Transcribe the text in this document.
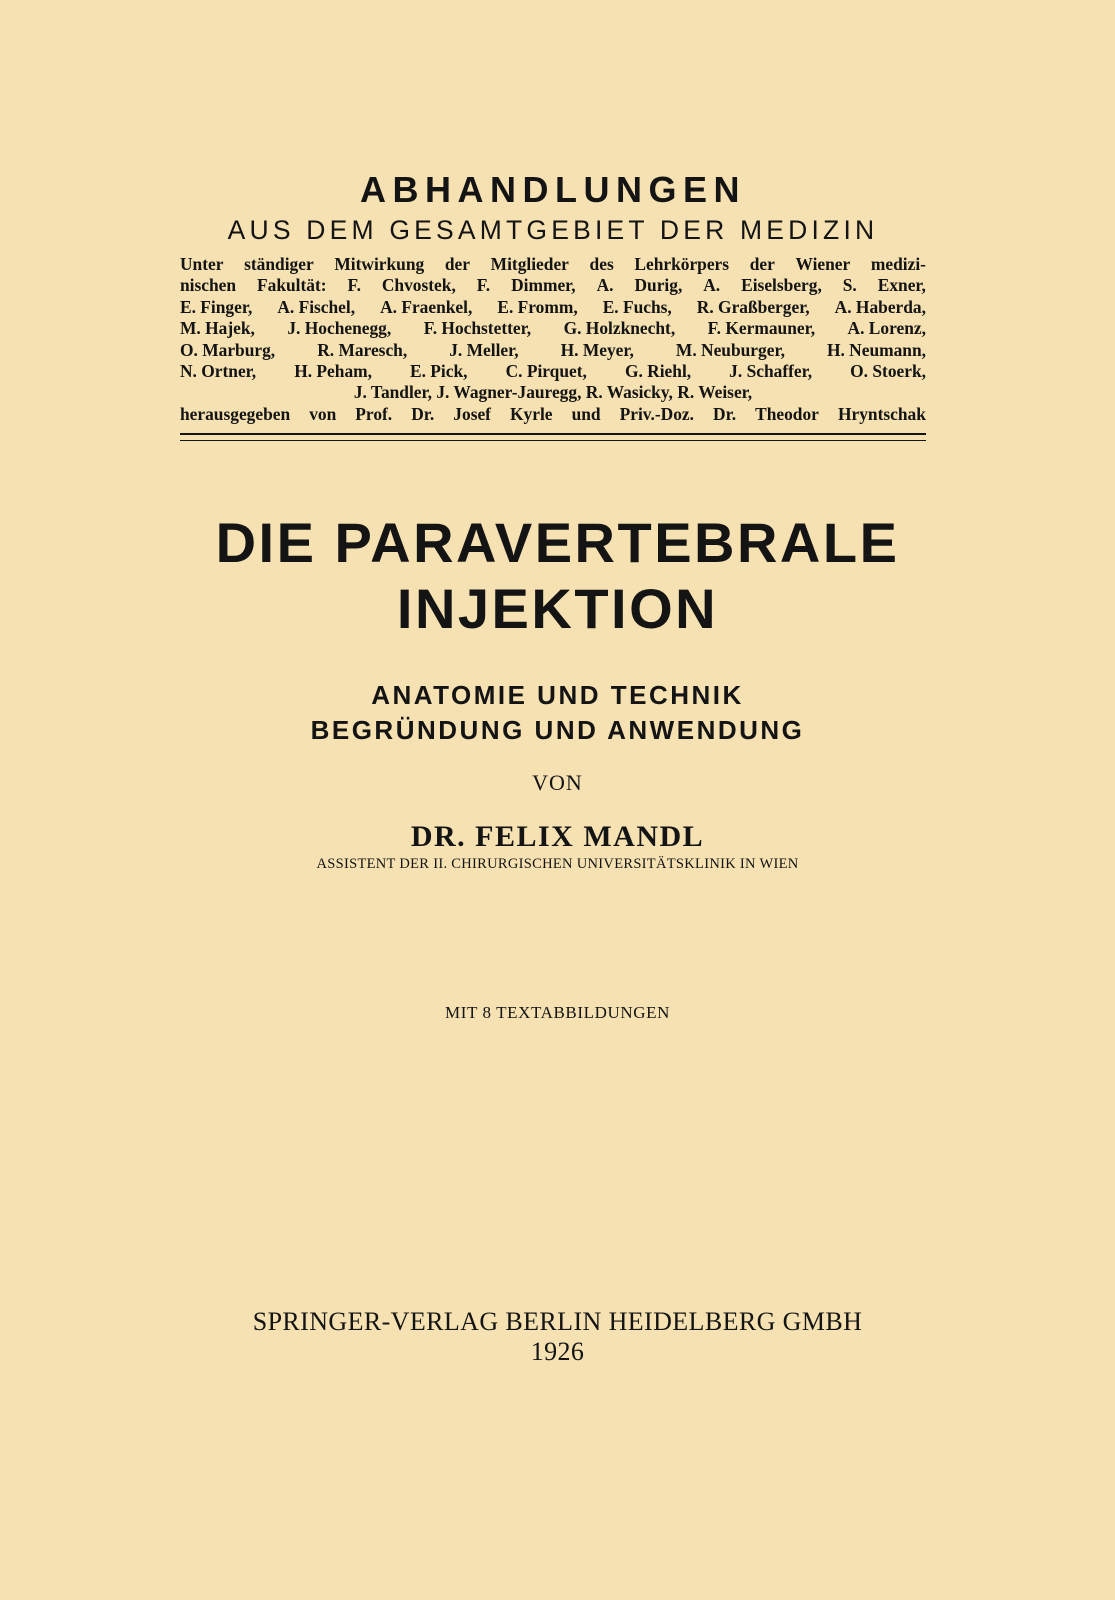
ABHANDLUNGEN
AUS DEM GESAMTGEBIET DER MEDIZIN
Unter ständiger Mitwirkung der Mitglieder des Lehrkörpers der Wiener medizi-
nischen Fakultät: F. Chvostek, F. Dimmer, A. Durig, A. Eiselsberg, S. Exner,
E. Finger, A. Fischel, A. Fraenkel, E. Fromm, E. Fuchs, R. Graßberger, A. Haberda,
M. Hajek, J. Hochenegg, F. Hochstetter, G. Holzknecht, F. Kermauner, A. Lorenz,
O. Marburg, R. Maresch, J. Meller, H. Meyer, M. Neuburger, H. Neumann,
N. Ortner, H. Peham, E. Pick, C. Pirquet, G. Riehl, J. Schaffer, O. Stoerk,
J. Tandler, J. Wagner-Jauregg, R. Wasicky, R. Weiser,
herausgegeben von Prof. Dr. Josef Kyrle und Priv.-Doz. Dr. Theodor Hryntschak
DIE PARAVERTEBRALE
INJEKTION
ANATOMIE UND TECHNIK
BEGRÜNDUNG UND ANWENDUNG
VON
DR. FELIX MANDL
ASSISTENT DER II. CHIRURGISCHEN UNIVERSITÄTSKLINIK IN WIEN
MIT 8 TEXTABBILDUNGEN
SPRINGER-VERLAG BERLIN HEIDELBERG GMBH
1926
